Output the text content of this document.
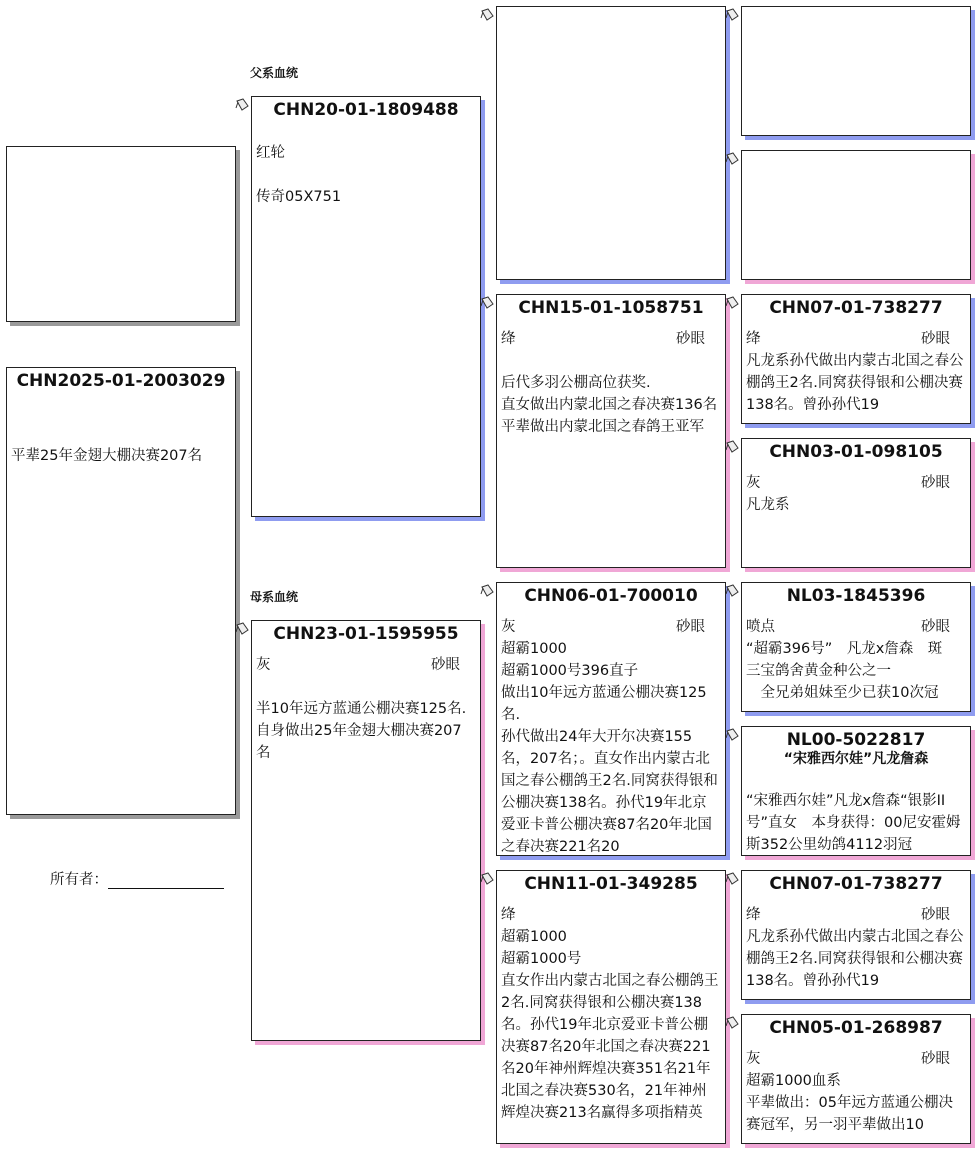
父系血统
母系血统
CHN2025-01-2003029
平辈25年金翅大棚决赛207名
所有者：
CHN20-01-1809488
红轮
传奇05X751
CHN23-01-1595955
灰	砂眼
半10年远方蓝通公棚决赛125名.　　自身做出25年金翅大棚决赛207名
CHN15-01-1058751
绛	砂眼
后代多羽公棚高位获奖.
直女做出内蒙北国之春决赛136名
平辈做出内蒙北国之春鸽王亚军
CHN06-01-700010
灰	砂眼
超霸1000
超霸1000号396直子
做出10年远方蓝通公棚决赛125名.
孙代做出24年大开尔决赛155名，207名；。直女作出内蒙古北国之春公棚鸽王2名.同窝获得银和公棚决赛138名。孙代19年北京爱亚卡普公棚决赛87名20年北国之春决赛221名20
CHN11-01-349285
绛
超霸1000
超霸1000号
直女作出内蒙古北国之春公棚鸽王2名.同窝获得银和公棚决赛138名。孙代19年北京爱亚卡普公棚决赛87名20年北国之春决赛221名20年神州辉煌决赛351名21年北国之春决赛530名，21年神州辉煌决赛213名赢得多项指精英
CHN07-01-738277
绛	砂眼
凡龙系孙代做出内蒙古北国之春公棚鸽王2名.同窝获得银和公棚决赛138名。曾孙孙代19
CHN03-01-098105
灰	砂眼
凡龙系
NL03-1845396
喷点	砂眼
“超霸396号”　凡龙x詹森　斑
三宝鸽舍黄金种公之一
　全兄弟姐妹至少已获10次冠
NL00-5022817
“宋雅西尔娃”凡龙詹森
“宋雅西尔娃”凡龙x詹森“银影II号”直女　本身获得：00尼安霍姆斯352公里幼鸽4112羽冠
CHN07-01-738277
绛	砂眼
凡龙系孙代做出内蒙古北国之春公棚鸽王2名.同窝获得银和公棚决赛138名。曾孙孙代19
CHN05-01-268987
灰	砂眼
超霸1000血系
平辈做出：05年远方蓝通公棚决赛冠军，另一羽平辈做出10
